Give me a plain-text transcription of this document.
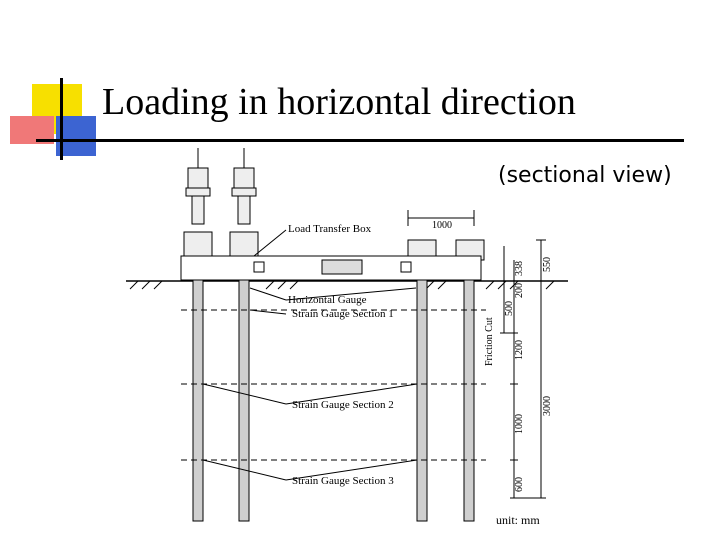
Loading in horizontal direction
Load Transfer Box
Horizontal Gauge
Strain Gauge Section 1
Strain Gauge Section 2
Strain Gauge Section 3
1000
550
338
200
500
Friction Cut 1200
1000
600
3000
unit: mm
(sectional view)
